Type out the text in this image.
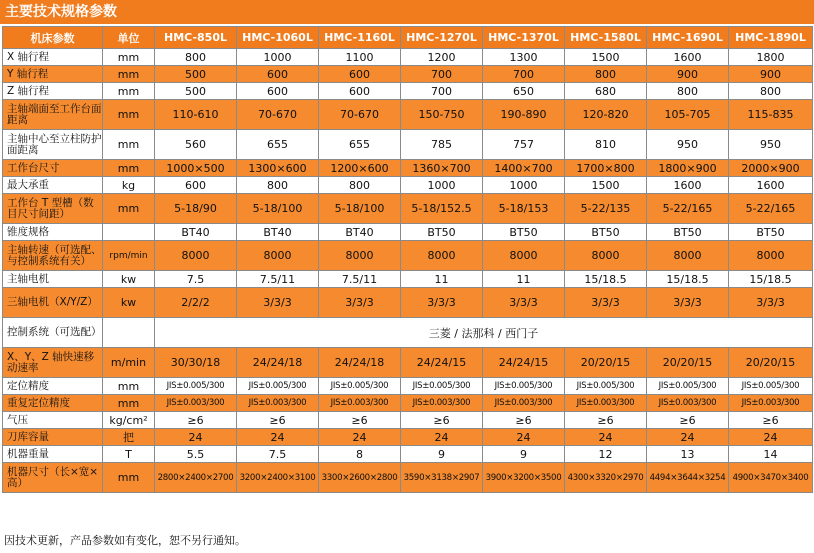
主要技术规格参数
机床参数	单位	HMC-850L	HMC-1060L	HMC-1160L	HMC-1270L	HMC-1370L	HMC-1580L	HMC-1690L	HMC-1890L
X 轴行程	mm	800	1000	1100	1200	1300	1500	1600	1800
Y 轴行程	mm	500	600	600	700	700	800	900	900
Z 轴行程	mm	500	600	600	700	650	680	800	800
主轴端面至工作台面距离	mm	110-610	70-670	70-670	150-750	190-890	120-820	105-705	115-835
主轴中心至立柱防护面距离	mm	560	655	655	785	757	810	950	950
工作台尺寸	mm	1000×500	1300×600	1200×600	1360×700	1400×700	1700×800	1800×900	2000×900
最大承重	kg	600	800	800	1000	1000	1500	1600	1600
工作台 T 型槽（数目尺寸间距）	mm	5-18/90	5-18/100	5-18/100	5-18/152.5	5-18/153	5-22/135	5-22/165	5-22/165
锥度规格		BT40	BT40	BT40	BT50	BT50	BT50	BT50	BT50
主轴转速（可选配、与控制系统有关）	rpm/min	8000	8000	8000	8000	8000	8000	8000	8000
主轴电机	kw	7.5	7.5/11	7.5/11	11	11	15/18.5	15/18.5	15/18.5
三轴电机（X/Y/Z）	kw	2/2/2	3/3/3	3/3/3	3/3/3	3/3/3	3/3/3	3/3/3	3/3/3
控制系统（可选配）		三菱 / 法那科 / 西门子							
X、Y、Z 轴快速移动速率	m/min	30/30/18	24/24/18	24/24/18	24/24/15	24/24/15	20/20/15	20/20/15	20/20/15
定位精度	mm	JIS±0.005/300	JIS±0.005/300	JIS±0.005/300	JIS±0.005/300	JIS±0.005/300	JIS±0.005/300	JIS±0.005/300	JIS±0.005/300
重复定位精度	mm	JIS±0.003/300	JIS±0.003/300	JIS±0.003/300	JIS±0.003/300	JIS±0.003/300	JIS±0.003/300	JIS±0.003/300	JIS±0.003/300
气压	kg/cm²	≥6	≥6	≥6	≥6	≥6	≥6	≥6	≥6
刀库容量	把	24	24	24	24	24	24	24	24
机器重量	T	5.5	7.5	8	9	9	12	13	14
机器尺寸（长×宽×高）	mm	2800×2400×2700	3200×2400×3100	3300×2600×2800	3590×3138×2907	3900×3200×3500	4300×3320×2970	4494×3644×3254	4900×3470×3400
因技术更新，产品参数如有变化，恕不另行通知。
